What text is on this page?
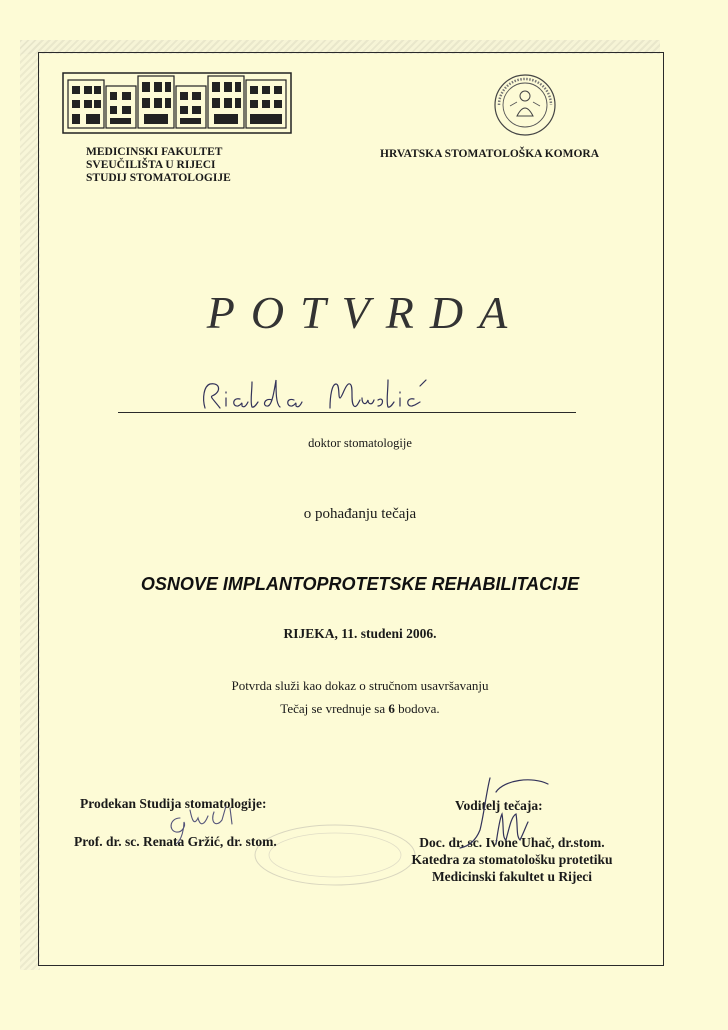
MEDICINSKI FAKULTET
SVEUČILIŠTA U RIJECI
STUDIJ STOMATOLOGIJE
HRVATSKA STOMATOLOŠKA KOMORA
POTVRDA
doktor stomatologije
o pohađanju tečaja
OSNOVE IMPLANTOPROTETSKE REHABILITACIJE
RIJEKA, 11. studeni 2006.
Potvrda služi kao dokaz o stručnom usavršavanju
Tečaj se vrednuje sa 6 bodova.
Prodekan Studija stomatologije:
Prof. dr. sc. Renata Gržić, dr. stom.
Voditelj tečaja:
Doc. dr. sc. Ivone Uhač, dr.stom.
Katedra za stomatološku protetiku
Medicinski fakultet u Rijeci
